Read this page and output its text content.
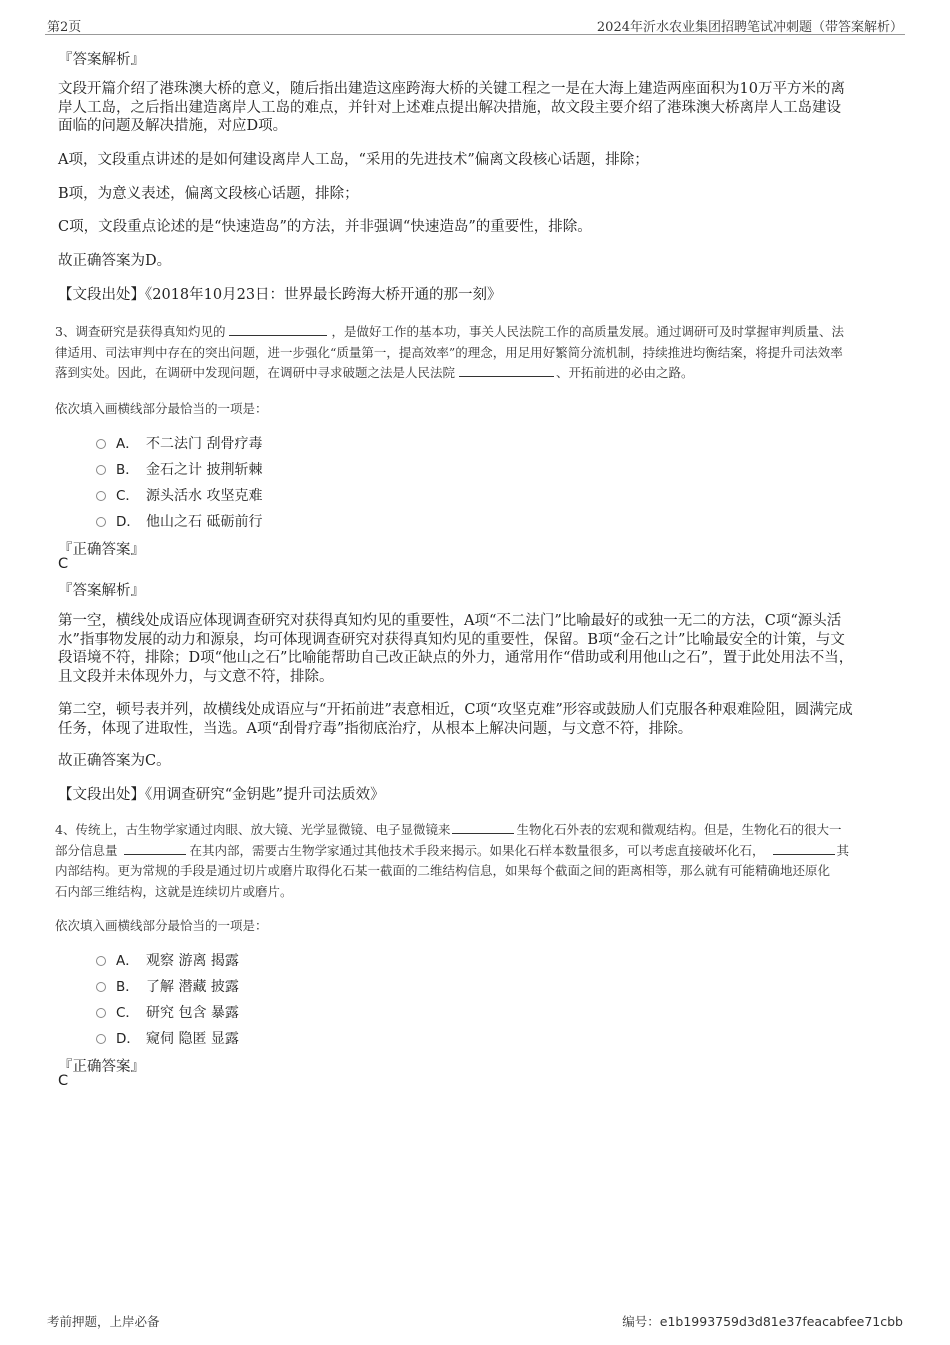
第2页	2024年沂水农业集团招聘笔试冲刺题（带答案解析）
『答案解析』
文段开篇介绍了港珠澳大桥的意义，随后指出建造这座跨海大桥的关键工程之一是在大海上建造两座面积为10万平方米的离
岸人工岛，之后指出建造离岸人工岛的难点，并针对上述难点提出解决措施，故文段主要介绍了港珠澳大桥离岸人工岛建设
面临的问题及解决措施，对应D项。
A项，文段重点讲述的是如何建设离岸人工岛，“采用的先进技术”偏离文段核心话题，排除；
B项，为意义表述，偏离文段核心话题，排除；
C项，文段重点论述的是“快速造岛”的方法，并非强调“快速造岛”的重要性，排除。
故正确答案为D。
【文段出处】《2018年10月23日：世界最长跨海大桥开通的那一刻》
3、调查研究是获得真知灼见的	，是做好工作的基本功，事关人民法院工作的高质量发展。通过调研可及时掌握审判质量、法
律适用、司法审判中存在的突出问题，进一步强化“质量第一，提高效率”的理念，用足用好繁简分流机制，持续推进均衡结案，将提升司法效率
落到实处。因此，在调研中发现问题，在调研中寻求破题之法是人民法院	、开拓前进的必由之路。
依次填入画横线部分最恰当的一项是：
A． 不二法门 刮骨疗毒
B． 金石之计 披荆斩棘
C． 源头活水 攻坚克难
D． 他山之石 砥砺前行
『正确答案』
C
『答案解析』
第一空，横线处成语应体现调查研究对获得真知灼见的重要性，A项“不二法门”比喻最好的或独一无二的方法，C项“源头活
水”指事物发展的动力和源泉，均可体现调查研究对获得真知灼见的重要性，保留。B项“金石之计”比喻最安全的计策，与文
段语境不符，排除；D项“他山之石”比喻能帮助自己改正缺点的外力，通常用作“借助或利用他山之石”，置于此处用法不当，
且文段并未体现外力，与文意不符，排除。
第二空，顿号表并列，故横线处成语应与“开拓前进”表意相近，C项“攻坚克难”形容或鼓励人们克服各种艰难险阻，圆满完成
任务，体现了进取性，当选。A项“刮骨疗毒”指彻底治疗，从根本上解决问题，与文意不符，排除。
故正确答案为C。
【文段出处】《用调查研究“金钥匙”提升司法质效》
4、传统上，古生物学家通过肉眼、放大镜、光学显微镜、电子显微镜来	生物化石外表的宏观和微观结构。但是，生物化石的很大一
部分信息量	在其内部，需要古生物学家通过其他技术手段来揭示。如果化石样本数量很多，可以考虑直接破坏化石，	其
内部结构。更为常规的手段是通过切片或磨片取得化石某一截面的二维结构信息，如果每个截面之间的距离相等，那么就有可能精确地还原化
石内部三维结构，这就是连续切片或磨片。
依次填入画横线部分最恰当的一项是：
A． 观察 游离 揭露
B． 了解 潜藏 披露
C． 研究 包含 暴露
D． 窥伺 隐匿 显露
『正确答案』
C
考前押题，上岸必备	编号：e1b1993759d3d81e37feacabfee71cbb
